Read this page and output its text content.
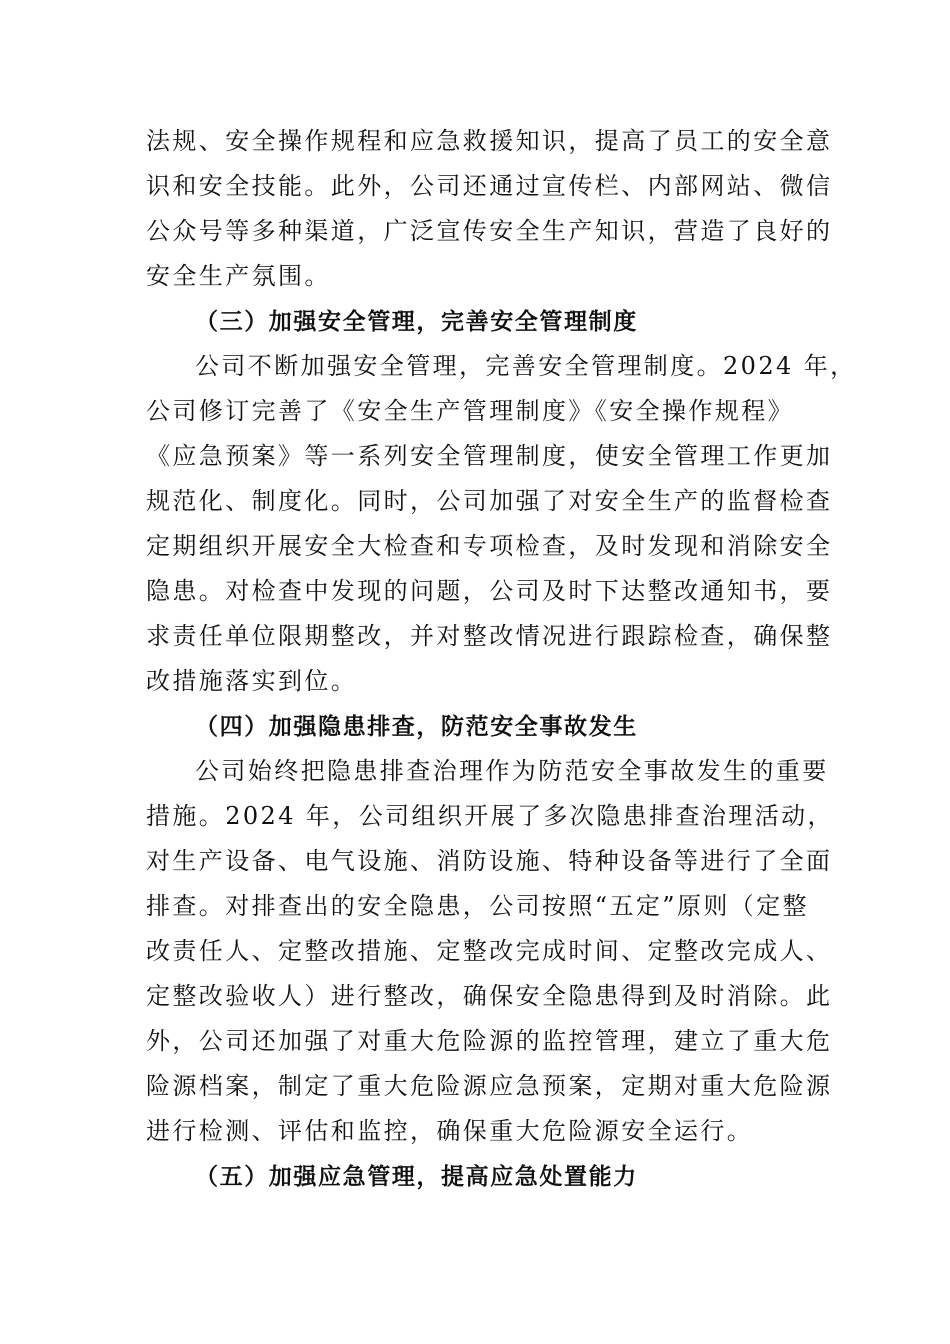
法规、安全操作规程和应急救援知识，提高了员工的安全意
识和安全技能。此外，公司还通过宣传栏、内部网站、微信
公众号等多种渠道，广泛宣传安全生产知识，营造了良好的
安全生产氛围。
（三）加强安全管理，完善安全管理制度
公司不断加强安全管理，完善安全管理制度。2024 年，
公司修订完善了《安全生产管理制度》《安全操作规程》
《应急预案》等一系列安全管理制度，使安全管理工作更加
规范化、制度化。同时，公司加强了对安全生产的监督检查
定期组织开展安全大检查和专项检查，及时发现和消除安全
隐患。对检查中发现的问题，公司及时下达整改通知书，要
求责任单位限期整改，并对整改情况进行跟踪检查，确保整
改措施落实到位。
（四）加强隐患排查，防范安全事故发生
公司始终把隐患排查治理作为防范安全事故发生的重要
措施。2024 年，公司组织开展了多次隐患排查治理活动，
对生产设备、电气设施、消防设施、特种设备等进行了全面
排查。对排查出的安全隐患，公司按照“五定”原则（定整
改责任人、定整改措施、定整改完成时间、定整改完成人、
定整改验收人）进行整改，确保安全隐患得到及时消除。此
外，公司还加强了对重大危险源的监控管理，建立了重大危
险源档案，制定了重大危险源应急预案，定期对重大危险源
进行检测、评估和监控，确保重大危险源安全运行。
（五）加强应急管理，提高应急处置能力
